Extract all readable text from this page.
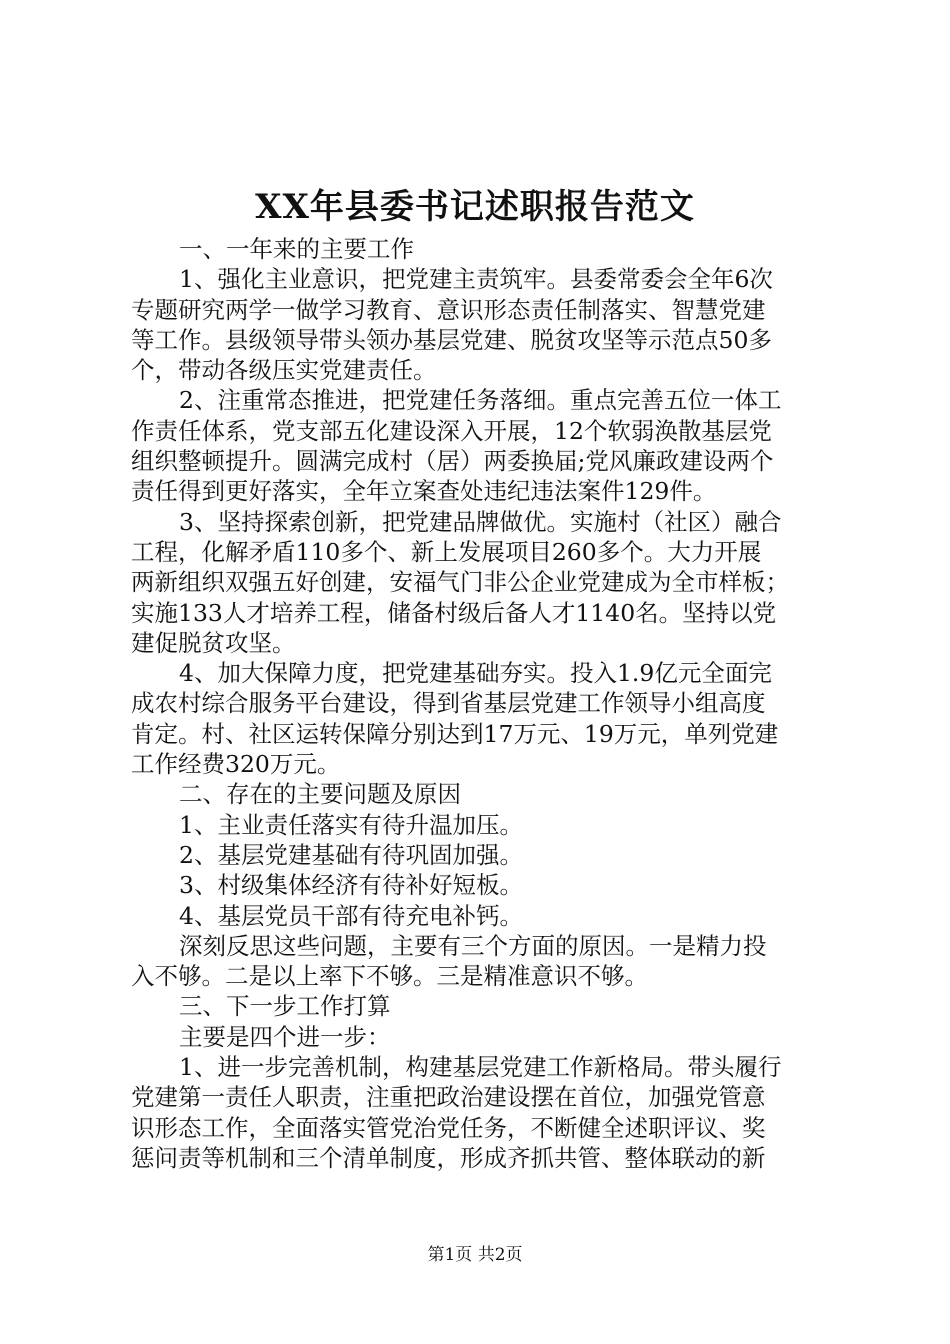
XX年县委书记述职报告范文
一、一年来的主要工作
1、强化主业意识，把党建主责筑牢。县委常委会全年6次
专题研究两学一做学习教育、意识形态责任制落实、智慧党建
等工作。县级领导带头领办基层党建、脱贫攻坚等示范点50多
个，带动各级压实党建责任。
2、注重常态推进，把党建任务落细。重点完善五位一体工
作责任体系，党支部五化建设深入开展，12个软弱涣散基层党
组织整顿提升。圆满完成村（居）两委换届;党风廉政建设两个
责任得到更好落实，全年立案查处违纪违法案件129件。
3、坚持探索创新，把党建品牌做优。实施村（社区）融合
工程，化解矛盾110多个、新上发展项目260多个。大力开展
两新组织双强五好创建，安福气门非公企业党建成为全市样板；
实施133人才培养工程，储备村级后备人才1140名。坚持以党
建促脱贫攻坚。
4、加大保障力度，把党建基础夯实。投入1.9亿元全面完
成农村综合服务平台建设，得到省基层党建工作领导小组高度
肯定。村、社区运转保障分别达到17万元、19万元，单列党建
工作经费320万元。
二、存在的主要问题及原因
1、主业责任落实有待升温加压。
2、基层党建基础有待巩固加强。
3、村级集体经济有待补好短板。
4、基层党员干部有待充电补钙。
深刻反思这些问题，主要有三个方面的原因。一是精力投
入不够。二是以上率下不够。三是精准意识不够。
三、下一步工作打算
主要是四个进一步：
1、进一步完善机制，构建基层党建工作新格局。带头履行
党建第一责任人职责，注重把政治建设摆在首位，加强党管意
识形态工作，全面落实管党治党任务，不断健全述职评议、奖
惩问责等机制和三个清单制度，形成齐抓共管、整体联动的新
第1页 共2页
